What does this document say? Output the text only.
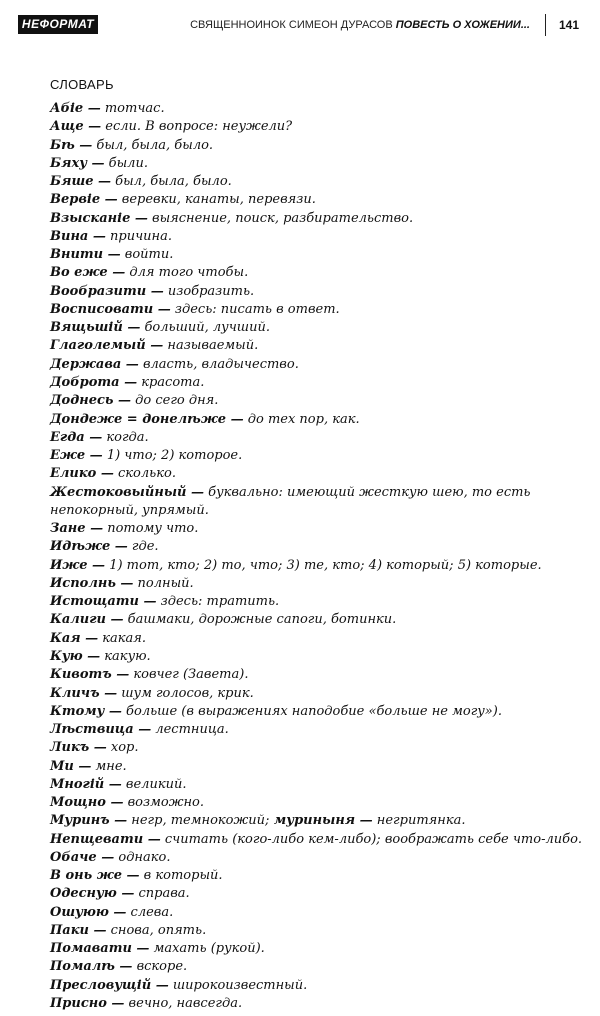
НЕФОРМАТ	СВЯЩЕННОИНОК СИМЕОН ДУРАСОВ ПОВЕСТЬ О ХОЖЕНИИ...	141
СЛОВАРЬ
Абіе — тотчас.
Аще — если. В вопросе: неужели?
Бѣ — был, была, было.
Бяху — были.
Бяше — был, была, было.
Вервіе — веревки, канаты, перевязи.
Взысканіе — выяснение, поиск, разбирательство.
Вина — причина.
Внити — войти.
Во еже — для того чтобы.
Вообразити — изобразить.
Восписовати — здесь: писать в ответ.
Вящьшій — больший, лучший.
Глаголемый — называемый.
Держава — власть, владычество.
Доброта — красота.
Доднесь — до сего дня.
Дондеже = донелѣже — до тех пор, как.
Егда — когда.
Еже — 1) что; 2) которое.
Елико — сколько.
Жестоковыйный — буквально: имеющий жесткую шею, то есть непокорный, упрямый.
Зане — потому что.
Идѣже — где.
Иже — 1) тот, кто; 2) то, что; 3) те, кто; 4) который; 5) которые.
Исполнь — полный.
Истощати — здесь: тратить.
Калиги — башмаки, дорожные сапоги, ботинки.
Кая — какая.
Кую — какую.
Кивотъ — ковчег (Завета).
Кличъ — шум голосов, крик.
Ктому — больше (в выражениях наподобие «больше не могу»).
Лѣствица — лестница.
Ликъ — хор.
Ми — мне.
Многій — великий.
Мощно — возможно.
Муринъ — негр, темнокожий; муриныня — негритянка.
Непщевати — считать (кого-либо кем-либо); воображать себе что-либо.
Обаче — однако.
В онь же — в который.
Одесную — справа.
Ошуюю — слева.
Паки — снова, опять.
Помавати — махать (рукой).
Помалѣ — вскоре.
Пресловущій — широкоизвестный.
Присно — вечно, навсегда.
